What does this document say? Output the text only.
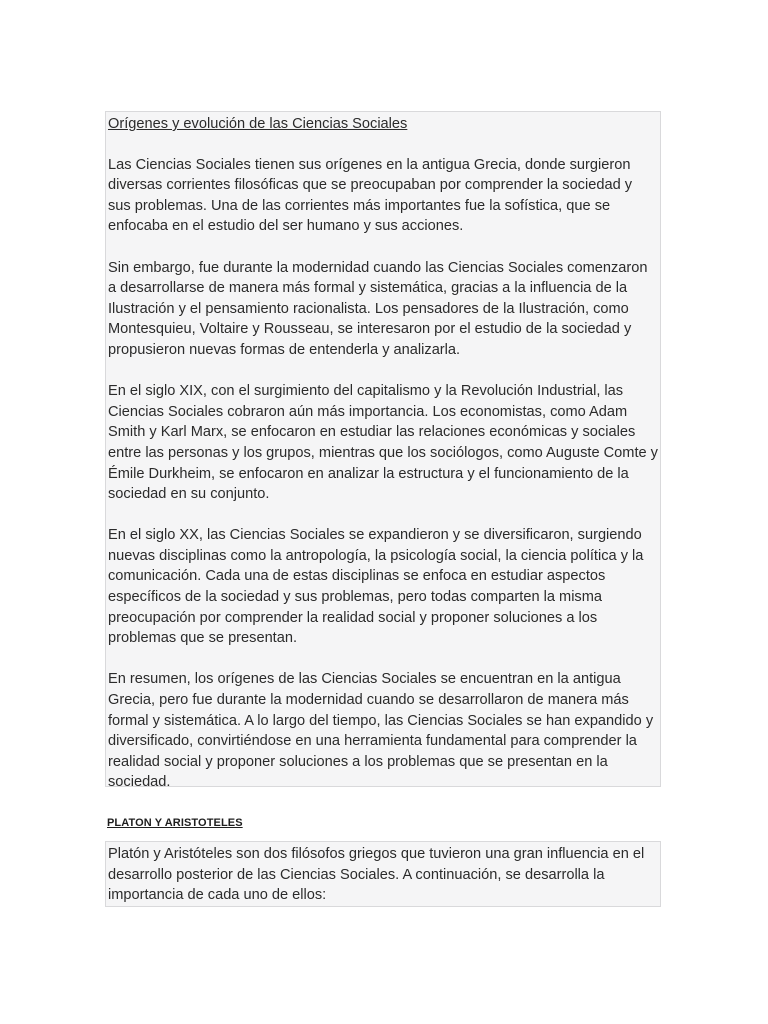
Orígenes y evolución de las Ciencias Sociales

Las Ciencias Sociales tienen sus orígenes en la antigua Grecia, donde surgieron diversas corrientes filosóficas que se preocupaban por comprender la sociedad y sus problemas. Una de las corrientes más importantes fue la sofística, que se enfocaba en el estudio del ser humano y sus acciones.

Sin embargo, fue durante la modernidad cuando las Ciencias Sociales comenzaron a desarrollarse de manera más formal y sistemática, gracias a la influencia de la Ilustración y el pensamiento racionalista. Los pensadores de la Ilustración, como Montesquieu, Voltaire y Rousseau, se interesaron por el estudio de la sociedad y propusieron nuevas formas de entenderla y analizarla.

En el siglo XIX, con el surgimiento del capitalismo y la Revolución Industrial, las Ciencias Sociales cobraron aún más importancia. Los economistas, como Adam Smith y Karl Marx, se enfocaron en estudiar las relaciones económicas y sociales entre las personas y los grupos, mientras que los sociólogos, como Auguste Comte y Émile Durkheim, se enfocaron en analizar la estructura y el funcionamiento de la sociedad en su conjunto.

En el siglo XX, las Ciencias Sociales se expandieron y se diversificaron, surgiendo nuevas disciplinas como la antropología, la psicología social, la ciencia política y la comunicación. Cada una de estas disciplinas se enfoca en estudiar aspectos específicos de la sociedad y sus problemas, pero todas comparten la misma preocupación por comprender la realidad social y proponer soluciones a los problemas que se presentan.

En resumen, los orígenes de las Ciencias Sociales se encuentran en la antigua Grecia, pero fue durante la modernidad cuando se desarrollaron de manera más formal y sistemática. A lo largo del tiempo, las Ciencias Sociales se han expandido y diversificado, convirtiéndose en una herramienta fundamental para comprender la realidad social y proponer soluciones a los problemas que se presentan en la sociedad.

PLATON Y ARISTOTELES

Platón y Aristóteles son dos filósofos griegos que tuvieron una gran influencia en el desarrollo posterior de las Ciencias Sociales. A continuación, se desarrolla la importancia de cada uno de ellos:
